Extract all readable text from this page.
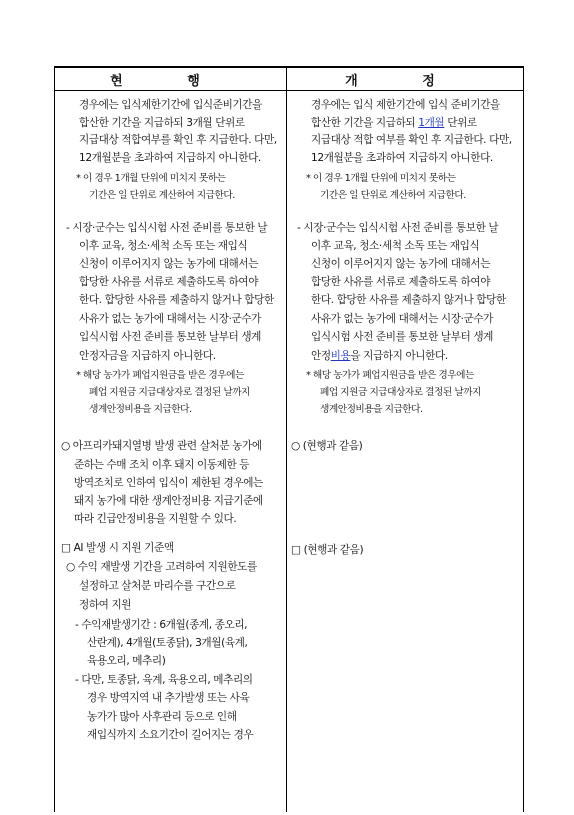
현 행	개 정
경우에는 입식제한기간에 입식준비기간을
합산한 기간을 지급하되 3개월 단위로
지급대상 적합여부를 확인 후 지급한다. 다만,
12개월분을 초과하여 지급하지 아니한다.
* 이 경우 1개월 단위에 미치지 못하는
기간은 일 단위로 계산하여 지급한다.
- 시장·군수는 입식시험 사전 준비를 통보한 날
이후 교육, 청소·세척 소독 또는 재입식
신청이 이루어지지 않는 농가에 대해서는
합당한 사유를 서류로 제출하도록 하여야
한다. 합당한 사유를 제출하지 않거나 합당한
사유가 없는 농가에 대해서는 시장·군수가
입식시험 사전 준비를 통보한 날부터 생계
안정자금을 지급하지 아니한다.
* 해당 농가가 폐업지원금을 받은 경우에는
폐업 지원금 지급대상자로 결정된 날까지
생계안정비용을 지급한다.
○ 아프리카돼지열병 발생 관련 살처분 농가에
준하는 수매 조치 이후 돼지 이동제한 등
방역조치로 인하여 입식이 제한된 경우에는
돼지 농가에 대한 생계안정비용 지급기준에
따라 긴급안정비용을 지원할 수 있다.
□ AI 발생 시 지원 기준액
○ 수익 재발생 기간을 고려하여 지원한도를
설정하고 살처분 마리수를 구간으로
정하여 지원
- 수익재발생기간 : 6개월(종계, 종오리,
산란계), 4개월(토종닭), 3개월(육계,
육용오리, 메추리)
- 다만, 토종닭, 육계, 육용오리, 메추리의
경우 방역지역 내 추가발생 또는 사육
농가가 많아 사후관리 등으로 인해
재입식까지 소요기간이 길어지는 경우
경우에는 입식 제한기간에 입식 준비기간을
합산한 기간을 지급하되 1개월 단위로
지급대상 적합 여부를 확인 후 지급한다. 다만,
12개월분을 초과하여 지급하지 아니한다.
* 이 경우 1개월 단위에 미치지 못하는
기간은 일 단위로 계산하여 지급한다.
- 시장·군수는 입식시험 사전 준비를 통보한 날
이후 교육, 청소·세척 소독 또는 재입식
신청이 이루어지지 않는 농가에 대해서는
합당한 사유를 서류로 제출하도록 하여야
한다. 합당한 사유를 제출하지 않거나 합당한
사유가 없는 농가에 대해서는 시장·군수가
입식시험 사전 준비를 통보한 날부터 생계
안정비용을 지급하지 아니한다.
* 해당 농가가 폐업지원금을 받은 경우에는
폐업 지원금 지급대상자로 결정된 날까지
생계안정비용을 지급한다.
○ (현행과 같음)
□ (현행과 같음)
